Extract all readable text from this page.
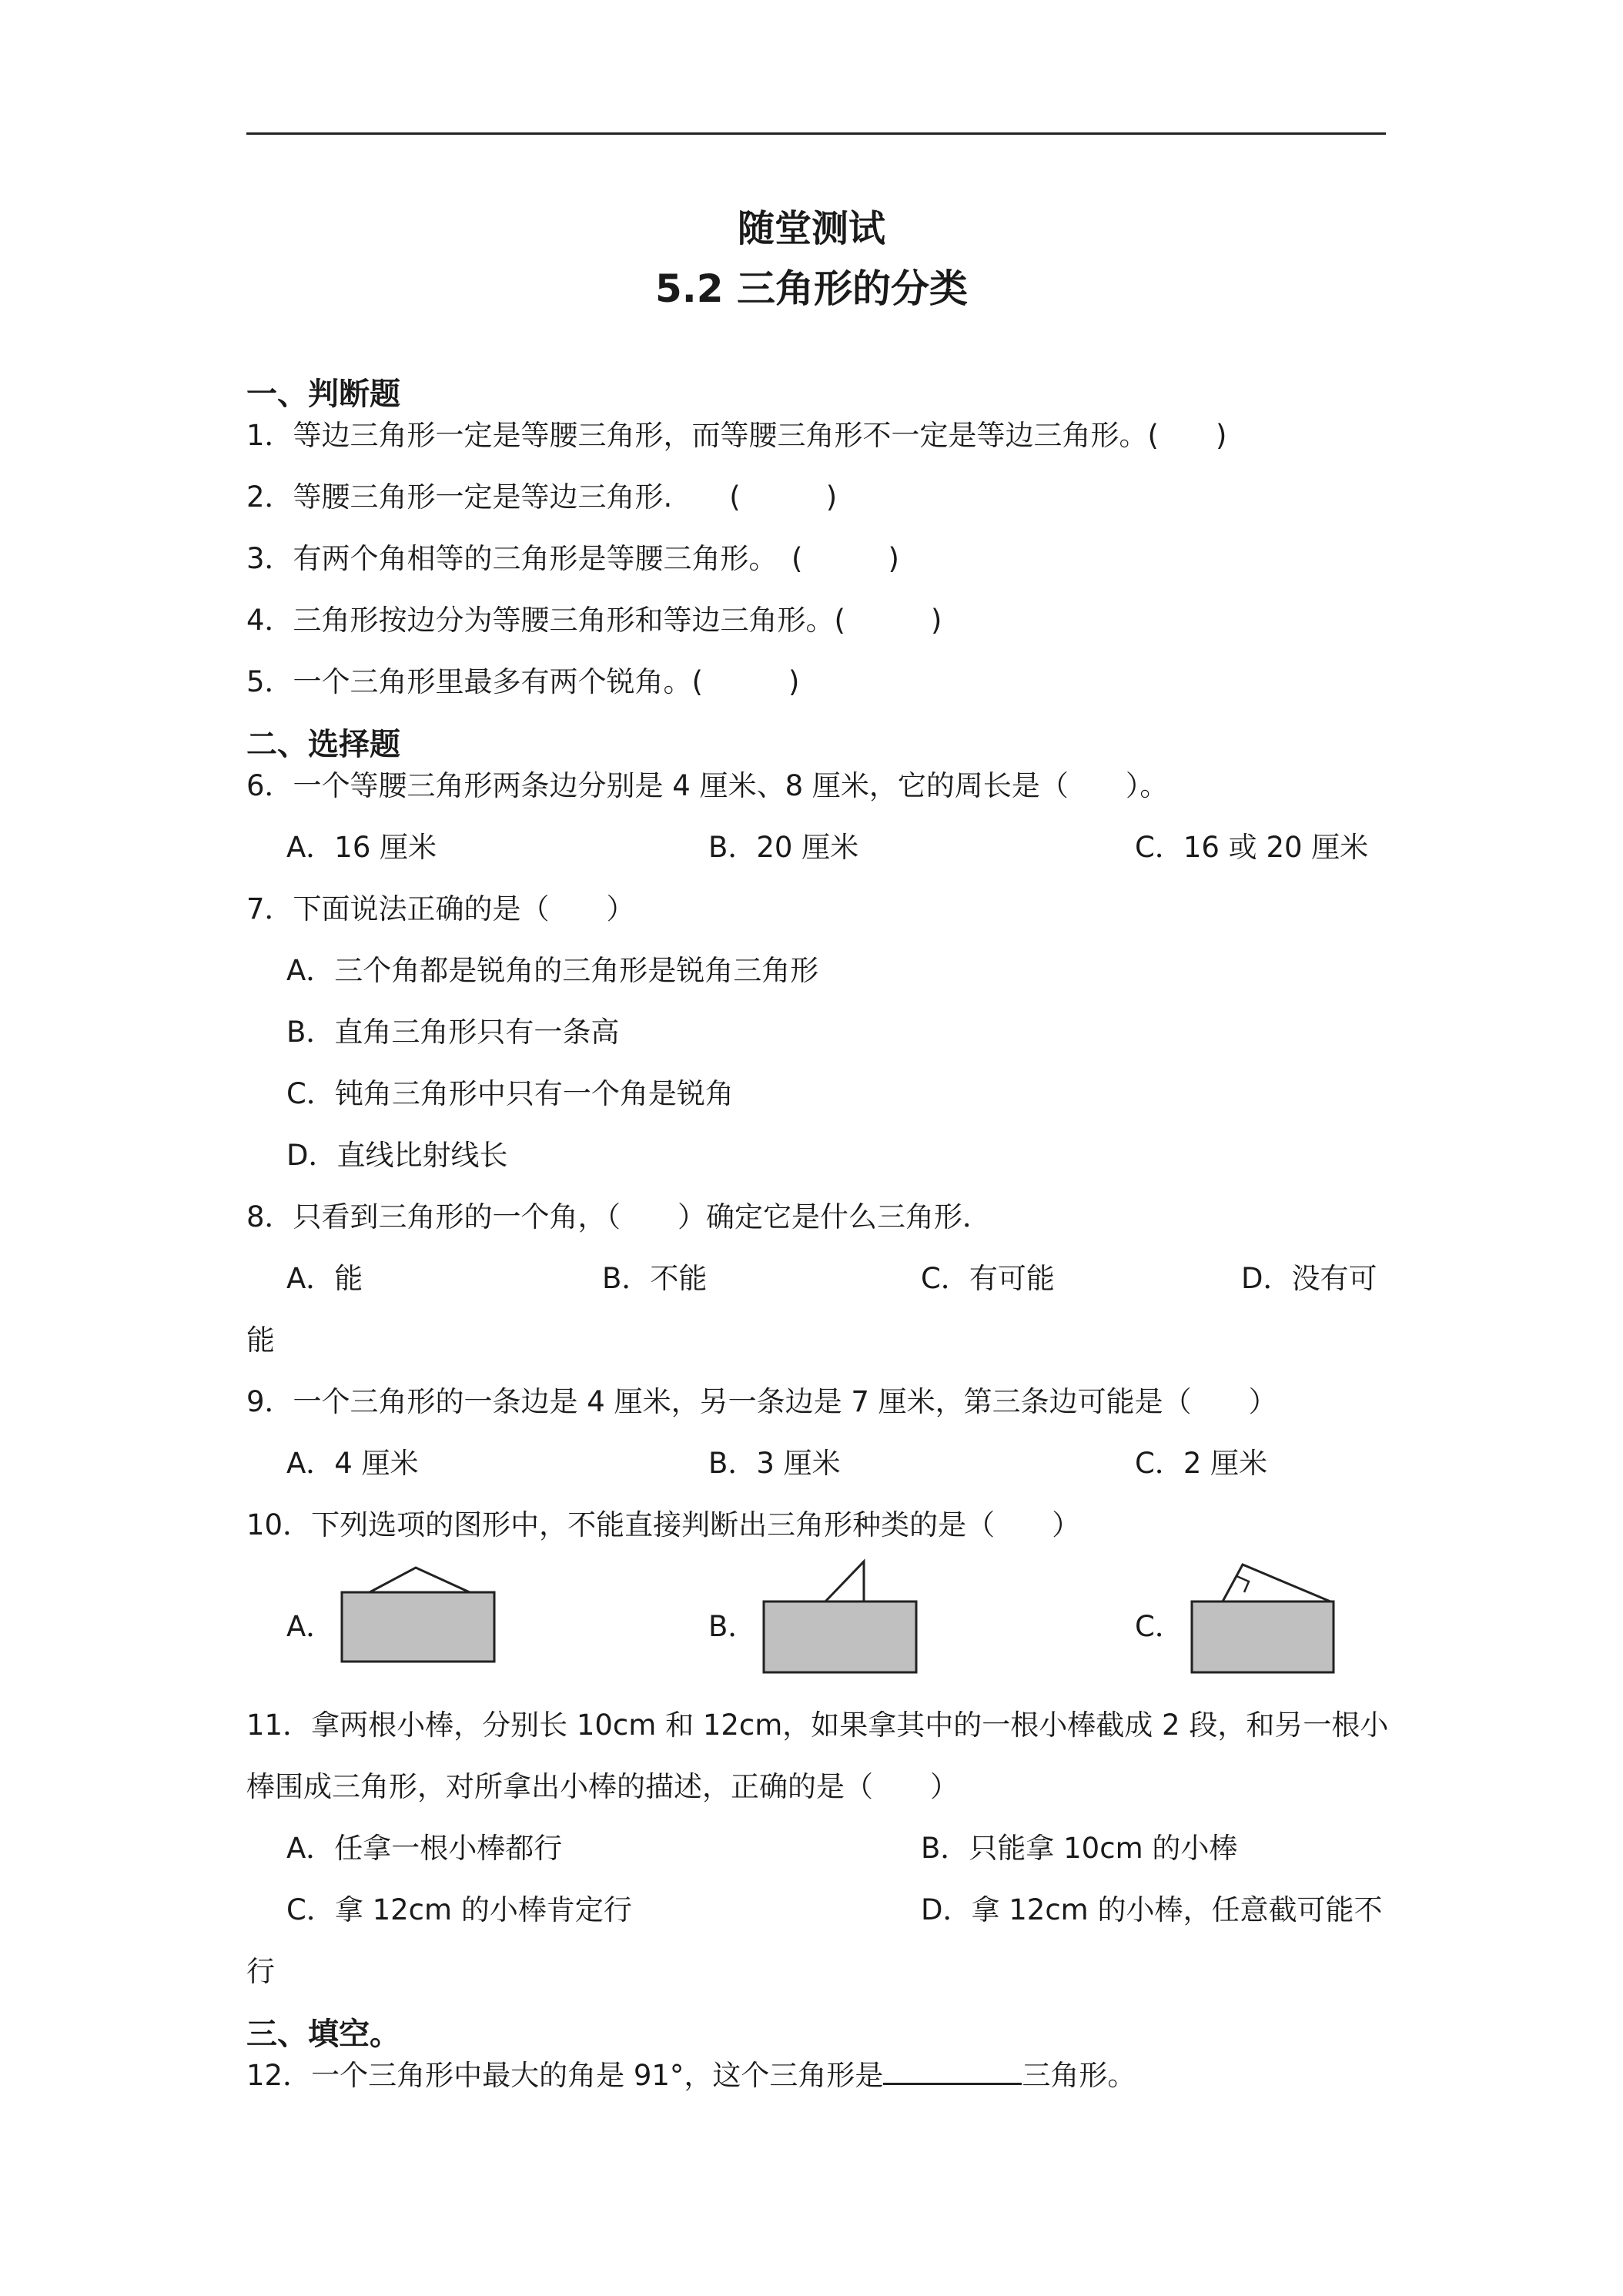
随堂测试
5.2 三角形的分类
一、判断题
1．等边三角形一定是等腰三角形，而等腰三角形不一定是等边三角形。(　　)
2．等腰三角形一定是等边三角形.　　(　　　)
3．有两个角相等的三角形是等腰三角形。　(　　　)
4．三角形按边分为等腰三角形和等边三角形。(　　　)
5．一个三角形里最多有两个锐角。(　　　)
二、选择题
6．一个等腰三角形两条边分别是 4 厘米、8 厘米，它的周长是（　　）。
A．16 厘米	B．20 厘米	C．16 或 20 厘米
7．下面说法正确的是（　　）
A．三个角都是锐角的三角形是锐角三角形
B．直角三角形只有一条高
C．钝角三角形中只有一个角是锐角
D．直线比射线长
8．只看到三角形的一个角，（　　）确定它是什么三角形．
A．能	B．不能	C．有可能	D．没有可
能
9．一个三角形的一条边是 4 厘米，另一条边是 7 厘米，第三条边可能是（　　）
A．4 厘米	B．3 厘米	C．2 厘米
10．下列选项的图形中，不能直接判断出三角形种类的是（　　）
A．	B．	C．
11．拿两根小棒，分别长 10cm 和 12cm，如果拿其中的一根小棒截成 2 段，和另一根小
棒围成三角形，对所拿出小棒的描述，正确的是（　　）
A．任拿一根小棒都行	B．只能拿 10cm 的小棒
C．拿 12cm 的小棒肯定行	D．拿 12cm 的小棒，任意截可能不
行
三、填空。
12．一个三角形中最大的角是 91°，这个三角形是	三角形。
